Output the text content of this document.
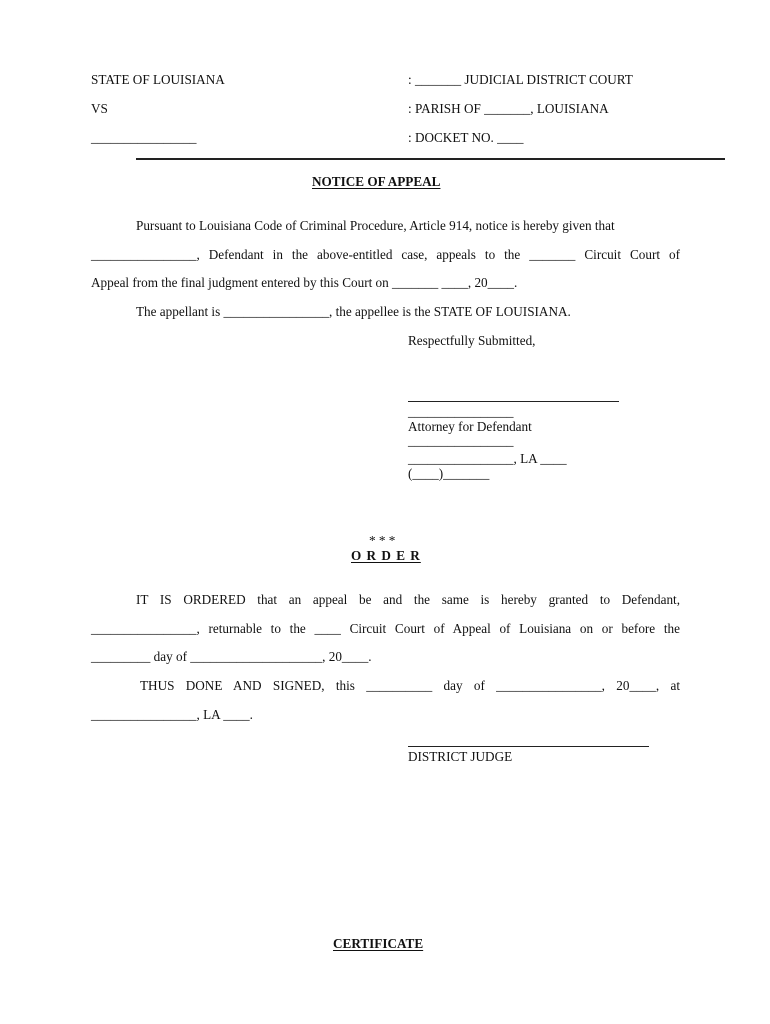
STATE OF LOUISIANA	: _______ JUDICIAL DISTRICT COURT
VS	: PARISH OF _______, LOUISIANA
________________	: DOCKET NO. ____
NOTICE OF APPEAL
Pursuant to Louisiana Code of Criminal Procedure, Article 914, notice is hereby given that
________________, Defendant in the above-entitled case, appeals to the _______ Circuit Court of
Appeal from the final judgment entered by this Court on _______ ____, 20____.
The appellant is ________________, the appellee is the STATE OF LOUISIANA.
Respectfully Submitted,
________________
Attorney for Defendant
________________
________________, LA ____
(____)_______
* * *
O R D E R
IT IS ORDERED that an appeal be and the same is hereby granted to Defendant,
________________, returnable to the ____ Circuit Court of Appeal of Louisiana on or before the
_________ day of ____________________, 20____.
THUS DONE AND SIGNED, this __________ day of ________________, 20____, at
________________, LA ____.
DISTRICT JUDGE
CERTIFICATE
